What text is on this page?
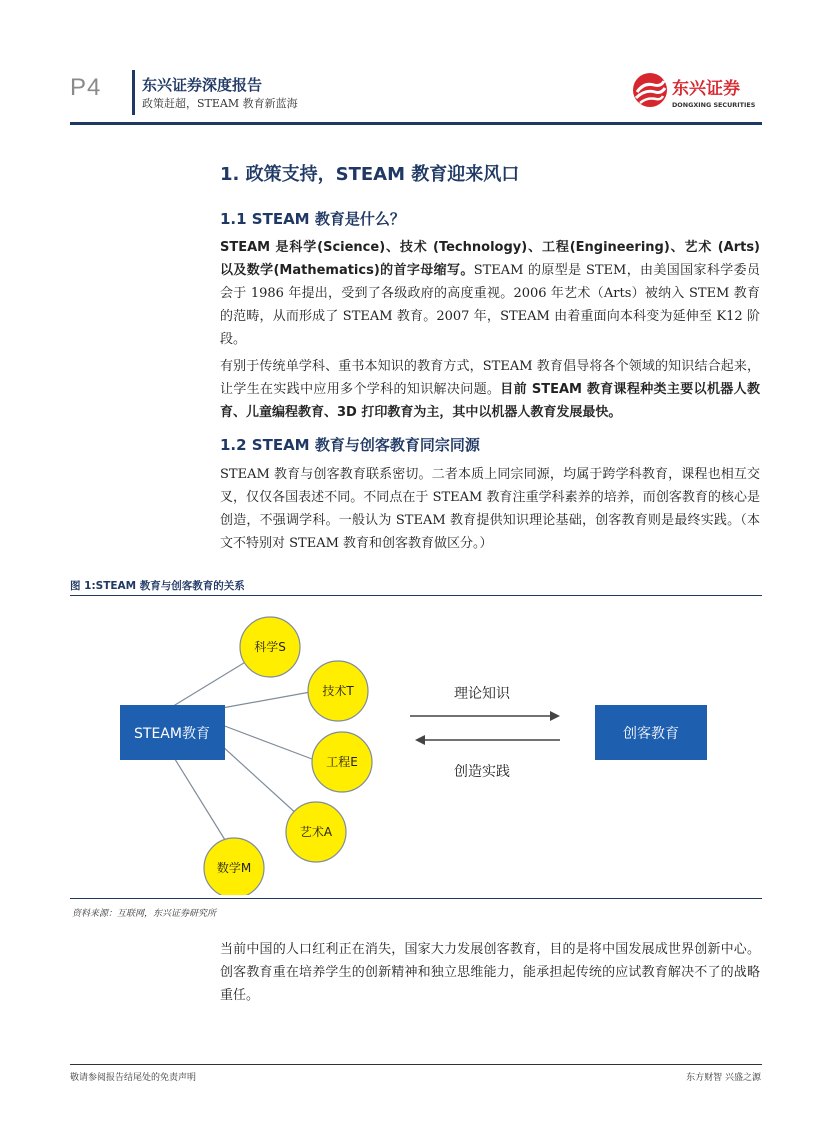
P4	东兴证券深度报告
政策赶超，STEAM 教育新蓝海
东兴证券
DONGXING SECURITIES
1. 政策支持，STEAM 教育迎来风口
1.1 STEAM 教育是什么？
STEAM 是科学(Science)、技术 (Technology)、工程(Engineering)、艺术 (Arts) 以及数学(Mathematics)的首字母缩写。STEAM 的原型是 STEM，由美国国家科学委员会于 1986 年提出，受到了各级政府的高度重视。2006 年艺术（Arts）被纳入 STEM 教育的范畴，从而形成了 STEAM 教育。2007 年，STEAM 由着重面向本科变为延伸至 K12 阶段。
有别于传统单学科、重书本知识的教育方式，STEAM 教育倡导将各个领域的知识结合起来，让学生在实践中应用多个学科的知识解决问题。目前 STEAM 教育课程种类主要以机器人教育、儿童编程教育、3D 打印教育为主，其中以机器人教育发展最快。
1.2 STEAM 教育与创客教育同宗同源
STEAM 教育与创客教育联系密切。二者本质上同宗同源，均属于跨学科教育，课程也相互交叉，仅仅各国表述不同。不同点在于 STEAM 教育注重学科素养的培养，而创客教育的核心是创造，不强调学科。一般认为 STEAM 教育提供知识理论基础，创客教育则是最终实践。（本文不特别对 STEAM 教育和创客教育做区分。）
图 1:STEAM 教育与创客教育的关系
STEAM教育	创客教育
理论知识
创造实践
科学S
技术T
工程E
艺术A
数学M
资料来源：互联网，东兴证券研究所
当前中国的人口红利正在消失，国家大力发展创客教育，目的是将中国发展成世界创新中心。创客教育重在培养学生的创新精神和独立思维能力，能承担起传统的应试教育解决不了的战略重任。
敬请参阅报告结尾处的免责声明	东方财智 兴盛之源
